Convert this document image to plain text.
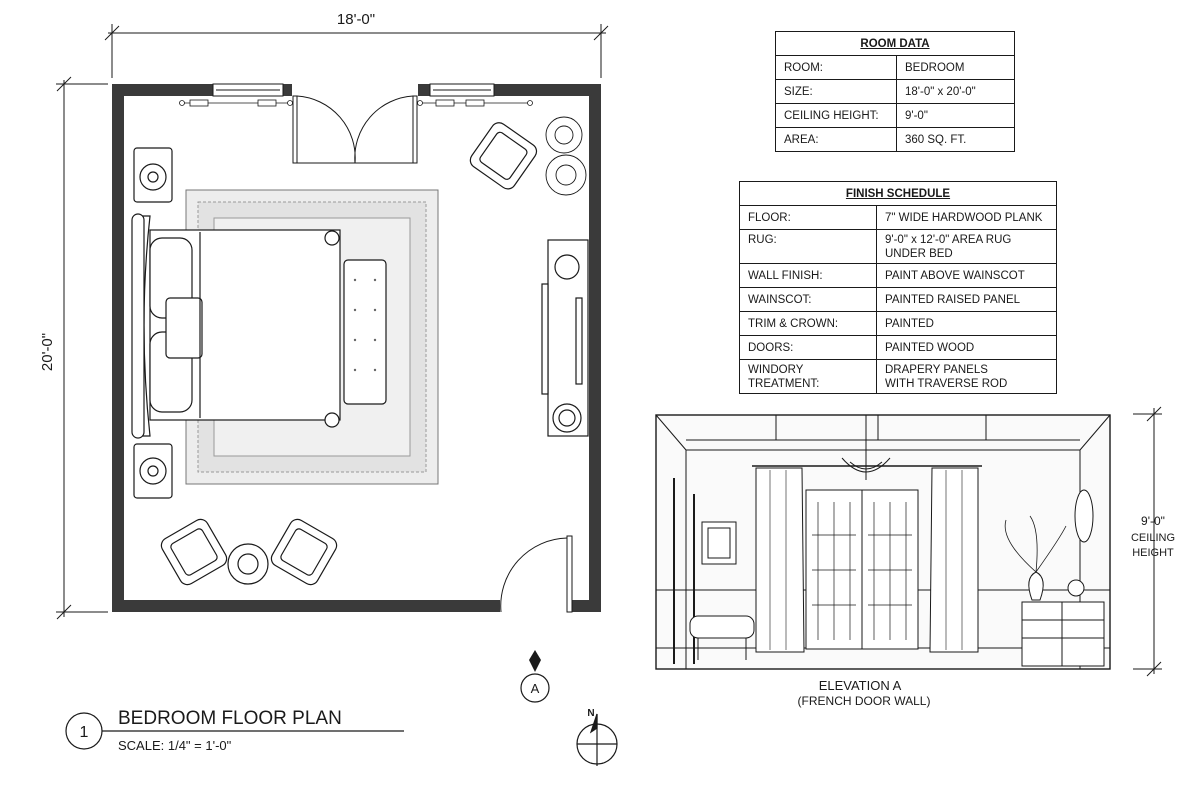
18'-0"
20'-0"
A
N
1
BEDROOM FLOOR PLAN
SCALE: 1/4" = 1'-0"
9'-0"
CEILING
HEIGHT
ELEVATION A
(FRENCH DOOR WALL)
ROOM DATA	
ROOM:	BEDROOM
SIZE:	18'-0" x 20'-0"
CEILING HEIGHT:	9'-0"
AREA:	360 SQ. FT.
FINISH SCHEDULE	
FLOOR:	7" WIDE HARDWOOD PLANK
RUG:	9'-0" x 12'-0" AREA RUG
UNDER BED

WALL FINISH:	PAINT ABOVE WAINSCOT
WAINSCOT:	PAINTED RAISED PANEL
TRIM & CROWN:	PAINTED
DOORS:	PAINTED WOOD
WINDORY TREATMENT:	DRAPERY PANELS
WITH TRAVERSE ROD
